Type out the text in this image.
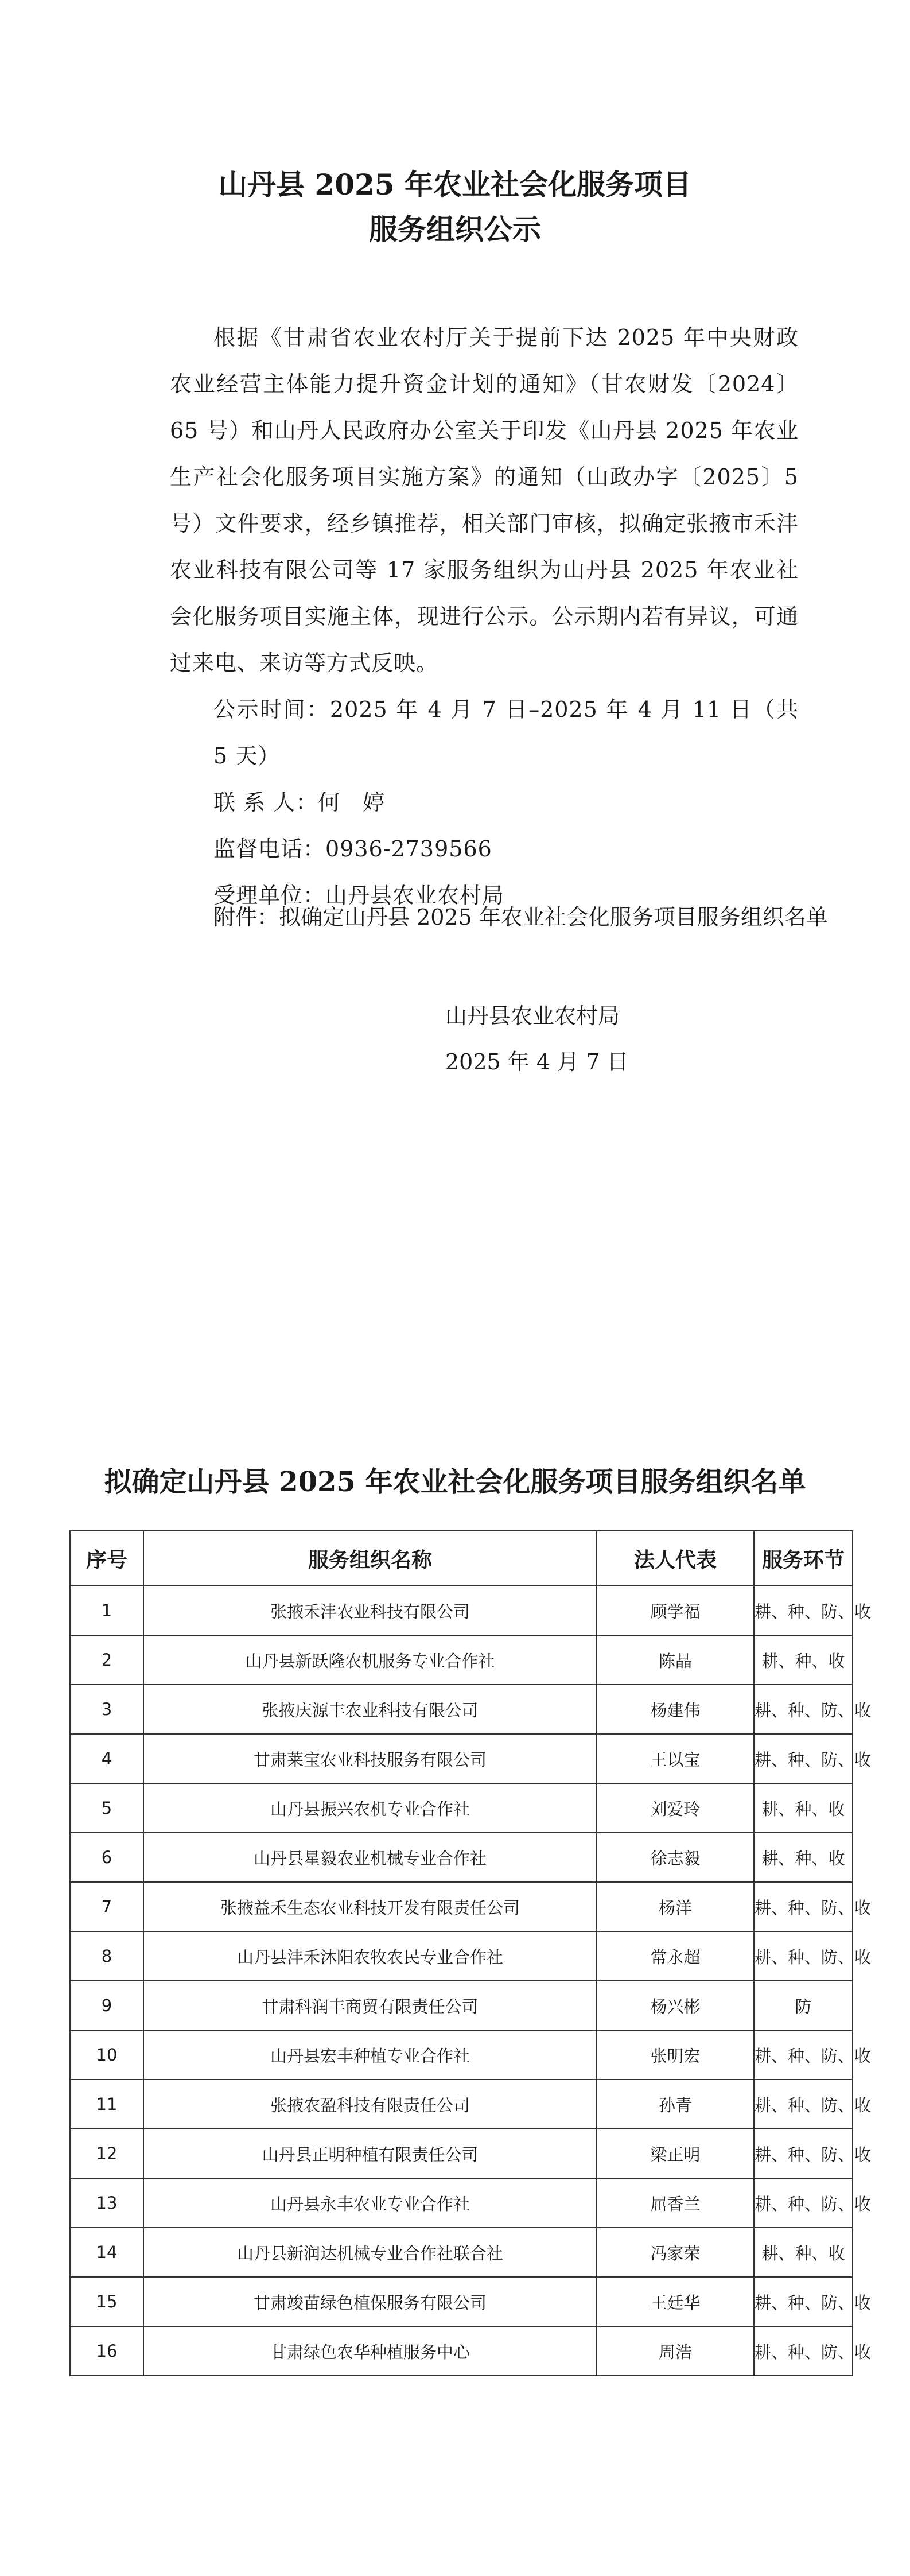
山丹县 2025 年农业社会化服务项目
服务组织公示

根据《甘肃省农业农村厅关于提前下达 2025 年中央财政农业经营主体能力提升资金计划的通知》（甘农财发〔2024〕65 号）和山丹人民政府办公室关于印发《山丹县 2025 年农业生产社会化服务项目实施方案》的通知（山政办字〔2025〕5 号）文件要求，经乡镇推荐，相关部门审核，拟确定张掖市禾沣农业科技有限公司等 17 家服务组织为山丹县 2025 年农业社会化服务项目实施主体，现进行公示。公示期内若有异议，可通过来电、来访等方式反映。

公示时间：2025 年 4 月 7 日–2025 年 4 月 11 日（共 5 天）
联 系 人：何　婷
监督电话：0936-2739566
受理单位：山丹县农业农村局
附件：拟确定山丹县 2025 年农业社会化服务项目服务组织名单
山丹县农业农村局
2025 年 4 月 7 日
拟确定山丹县 2025 年农业社会化服务项目服务组织名单
序号	服务组织名称	法人代表	服务环节
1	张掖禾沣农业科技有限公司	顾学福	耕、种、防、收
2	山丹县新跃隆农机服务专业合作社	陈晶	耕、种、收
3	张掖庆源丰农业科技有限公司	杨建伟	耕、种、防、收
4	甘肃莱宝农业科技服务有限公司	王以宝	耕、种、防、收
5	山丹县振兴农机专业合作社	刘爱玲	耕、种、收
6	山丹县星毅农业机械专业合作社	徐志毅	耕、种、收
7	张掖益禾生态农业科技开发有限责任公司	杨洋	耕、种、防、收
8	山丹县沣禾沐阳农牧农民专业合作社	常永超	耕、种、防、收
9	甘肃科润丰商贸有限责任公司	杨兴彬	防
10	山丹县宏丰种植专业合作社	张明宏	耕、种、防、收
11	张掖农盈科技有限责任公司	孙青	耕、种、防、收
12	山丹县正明种植有限责任公司	梁正明	耕、种、防、收
13	山丹县永丰农业专业合作社	屈香兰	耕、种、防、收
14	山丹县新润达机械专业合作社联合社	冯家荣	耕、种、收
15	甘肃竣苗绿色植保服务有限公司	王廷华	耕、种、防、收
16	甘肃绿色农华种植服务中心	周浩	耕、种、防、收
